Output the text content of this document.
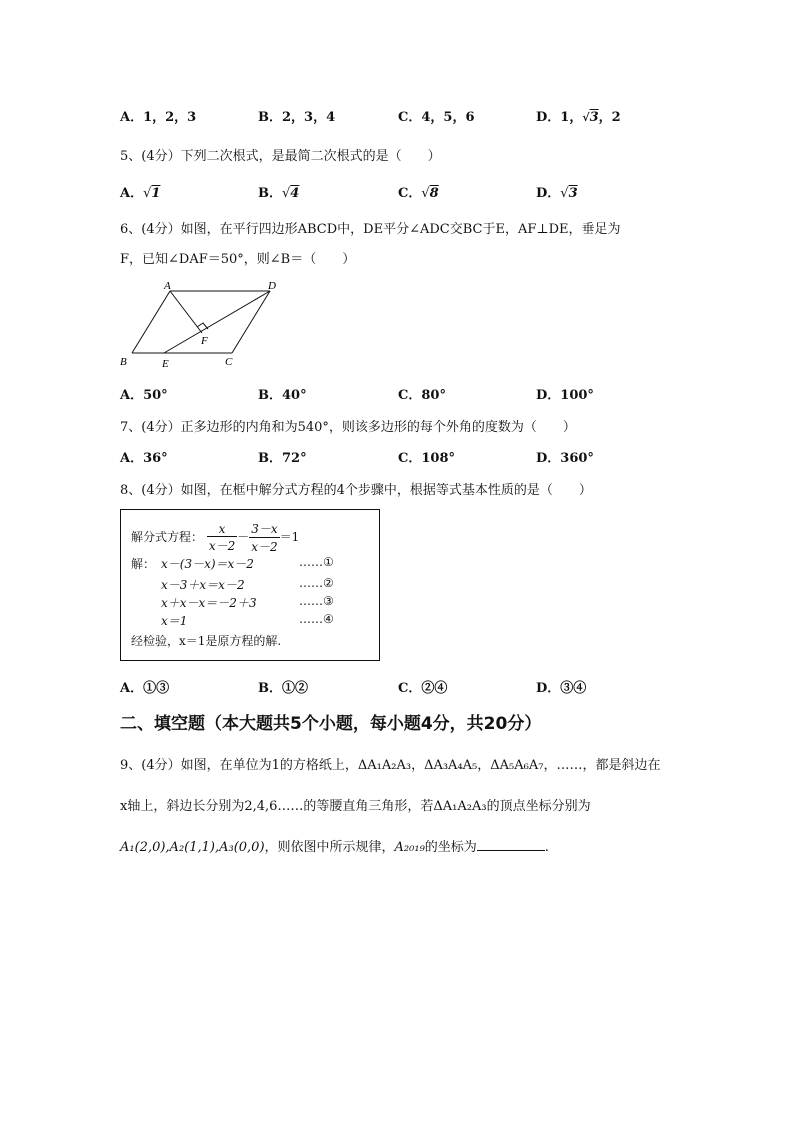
A．1，2，3	B．2，3，4	C．4，5，6	D．1，√3，2
5、(4分）下列二次根式，是最简二次根式的是（　　）
A．√1	B．√4	C．√8	D．√3
6、(4分）如图，在平行四边形ABCD中，DE平分∠ADC交BC于E，AF⊥DE，垂足为
F，已知∠DAF＝50°，则∠B＝（　　）
A	D
F
B	E	C
A．50°	B．40°	C．80°	D．100°
7、(4分）正多边形的内角和为540°，则该多边形的每个外角的度数为（　　）
A．36°	B．72°	C．108°	D．360°
8、(4分）如图，在框中解分式方程的4个步骤中，根据等式基本性质的是（　　）
解分式方程： $\frac{x}{x-2} - \frac{3-x}{x-2} =1$
解： x－(3－x)＝x－2	……①
x－3＋x＝x－2	……②
x＋x－x＝－2＋3	……③
x＝1	……④
经检验，x＝1是原方程的解.
A．①③	B．①②	C．②④	D．③④
二、填空题（本大题共5个小题，每小题4分，共20分）
9、(4分）如图，在单位为1的方格纸上，ΔA₁A₂A₃，ΔA₃A₄A₅，ΔA₅A₆A₇，……，都是斜边在
x轴上，斜边长分别为2,4,6……的等腰直角三角形，若ΔA₁A₂A₃的顶点坐标分别为
A₁(2,0),A₂(1,1),A₃(0,0)，则依图中所示规律，A₂₀₁₉的坐标为	.
